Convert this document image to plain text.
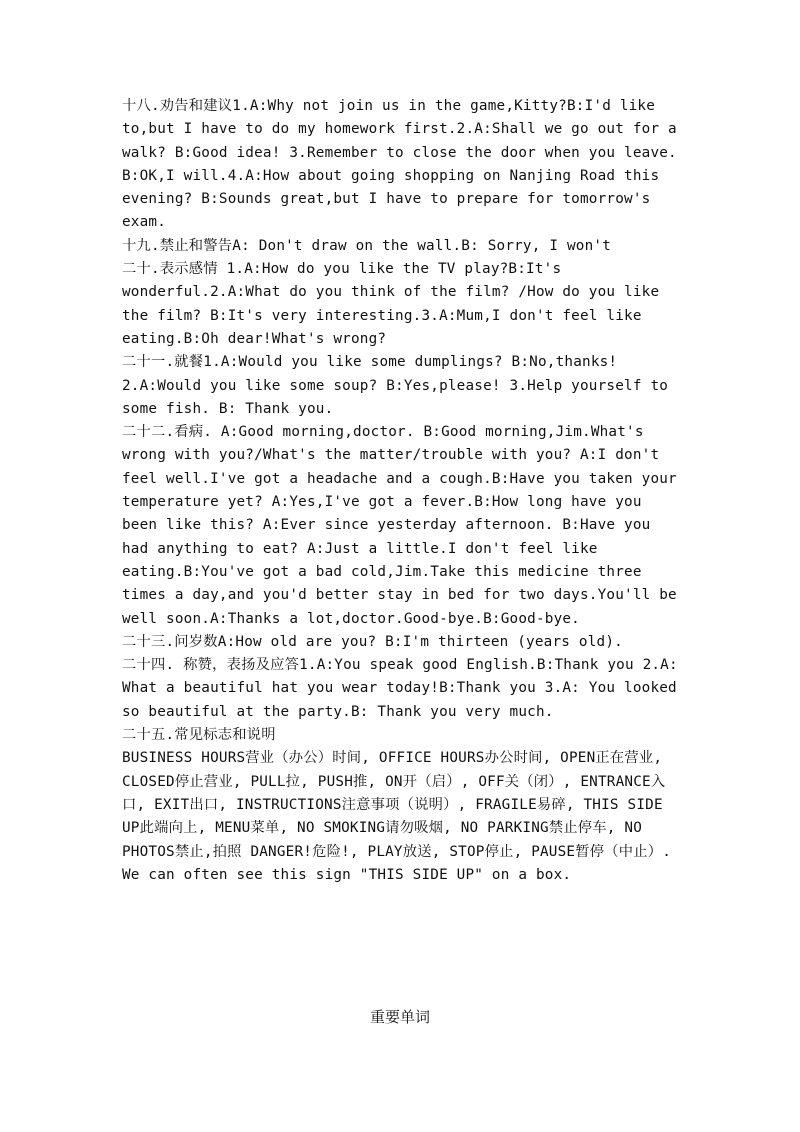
十八.劝告和建议1.A:Why not join us in the game,Kitty?B:I'd like to,but I have to do my homework first.2.A:Shall we go out for a walk? B:Good idea! 3.Remember to close the door when you leave. B:OK,I will.4.A:How about going shopping on Nanjing Road this evening? B:Sounds great,but I have to prepare for tomorrow's exam.

十九.禁止和警告A: Don't draw on the wall.B: Sorry, I won't

二十.表示感情 1.A:How do you like the TV play?B:It's wonderful.2.A:What do you think of the film? /How do you like the film? B:It's very interesting.3.A:Mum,I don't feel like eating.B:Oh dear!What's wrong?

二十一.就餐1.A:Would you like some dumplings? B:No,thanks! 2.A:Would you like some soup? B:Yes,please! 3.Help yourself to some fish. B: Thank you.

二十二.看病. A:Good morning,doctor. B:Good morning,Jim.What's wrong with you?/What's the matter/trouble with you? A:I don't feel well.I've got a headache and a cough.B:Have you taken your temperature yet? A:Yes,I've got a fever.B:How long have you been like this? A:Ever since yesterday afternoon. B:Have you had anything to eat? A:Just a little.I don't feel like eating.B:You've got a bad cold,Jim.Take this medicine three times a day,and you'd better stay in bed for two days.You'll be well soon.A:Thanks a lot,doctor.Good-bye.B:Good-bye.

二十三.问岁数A:How old are you? B:I'm thirteen (years old).

二十四. 称赞，表扬及应答1.A:You speak good English.B:Thank you 2.A: What a beautiful hat you wear today!B:Thank you 3.A: You looked so beautiful at the party.B: Thank you very much.

二十五.常见标志和说明

BUSINESS HOURS营业（办公）时间, OFFICE HOURS办公时间, OPEN正在营业, CLOSED停止营业, PULL拉, PUSH推, ON开（启）, OFF关（闭）, ENTRANCE入口, EXIT出口, INSTRUCTIONS注意事项（说明）, FRAGILE易碎, THIS SIDE UP此端向上, MENU菜单, NO SMOKING请勿吸烟, NO PARKING禁止停车, NO PHOTOS禁止,拍照 DANGER!危险!, PLAY放送, STOP停止, PAUSE暂停（中止）. We can often see this sign "THIS SIDE UP" on a box.

重要单词
